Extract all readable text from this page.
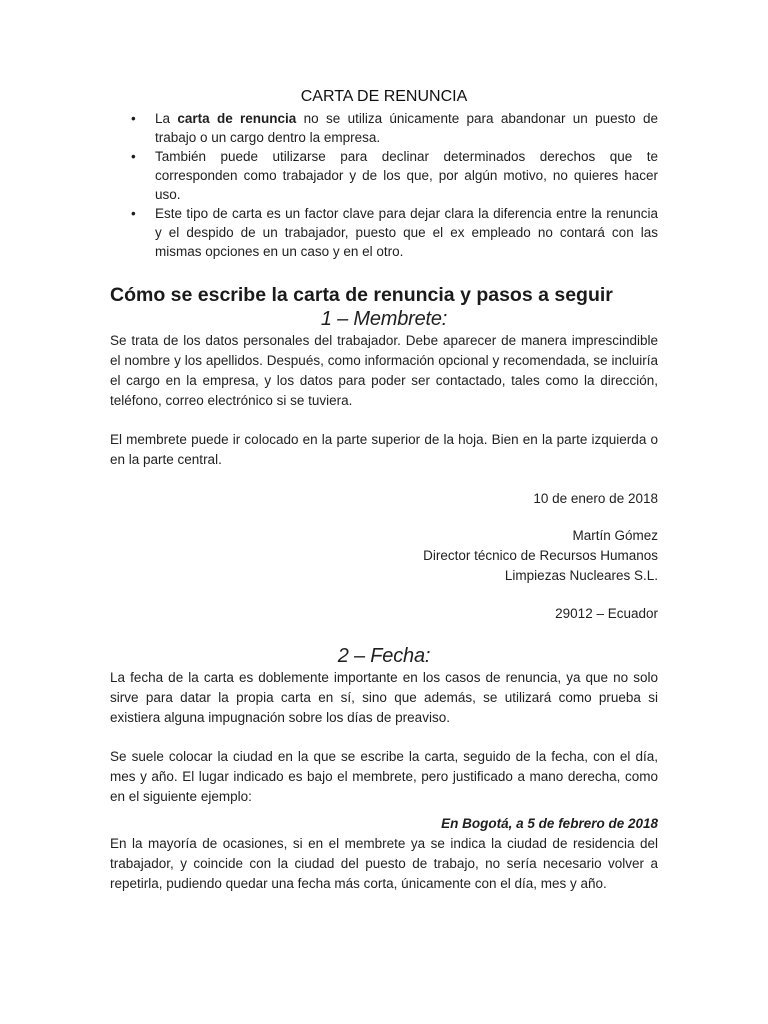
CARTA DE RENUNCIA
• La carta de renuncia no se utiliza únicamente para abandonar un puesto de trabajo o un cargo dentro la empresa.
• También puede utilizarse para declinar determinados derechos que te corresponden como trabajador y de los que, por algún motivo, no quieres hacer uso.
• Este tipo de carta es un factor clave para dejar clara la diferencia entre la renuncia y el despido de un trabajador, puesto que el ex empleado no contará con las mismas opciones en un caso y en el otro.
Cómo se escribe la carta de renuncia y pasos a seguir
1 – Membrete:

Se trata de los datos personales del trabajador. Debe aparecer de manera imprescindible el nombre y los apellidos. Después, como información opcional y recomendada, se incluiría el cargo en la empresa, y los datos para poder ser contactado, tales como la dirección, teléfono, correo electrónico si se tuviera.

El membrete puede ir colocado en la parte superior de la hoja. Bien en la parte izquierda o en la parte central.

10 de enero de 2018
Martín Gómez
Director técnico de Recursos Humanos
Limpiezas Nucleares S.L.
29012 – Ecuador
2 – Fecha:

La fecha de la carta es doblemente importante en los casos de renuncia, ya que no solo sirve para datar la propia carta en sí, sino que además, se utilizará como prueba si existiera alguna impugnación sobre los días de preaviso.

Se suele colocar la ciudad en la que se escribe la carta, seguido de la fecha, con el día, mes y año. El lugar indicado es bajo el membrete, pero justificado a mano derecha, como en el siguiente ejemplo:

En Bogotá, a 5 de febrero de 2018

En la mayoría de ocasiones, si en el membrete ya se indica la ciudad de residencia del trabajador, y coincide con la ciudad del puesto de trabajo, no sería necesario volver a repetirla, pudiendo quedar una fecha más corta, únicamente con el día, mes y año.
